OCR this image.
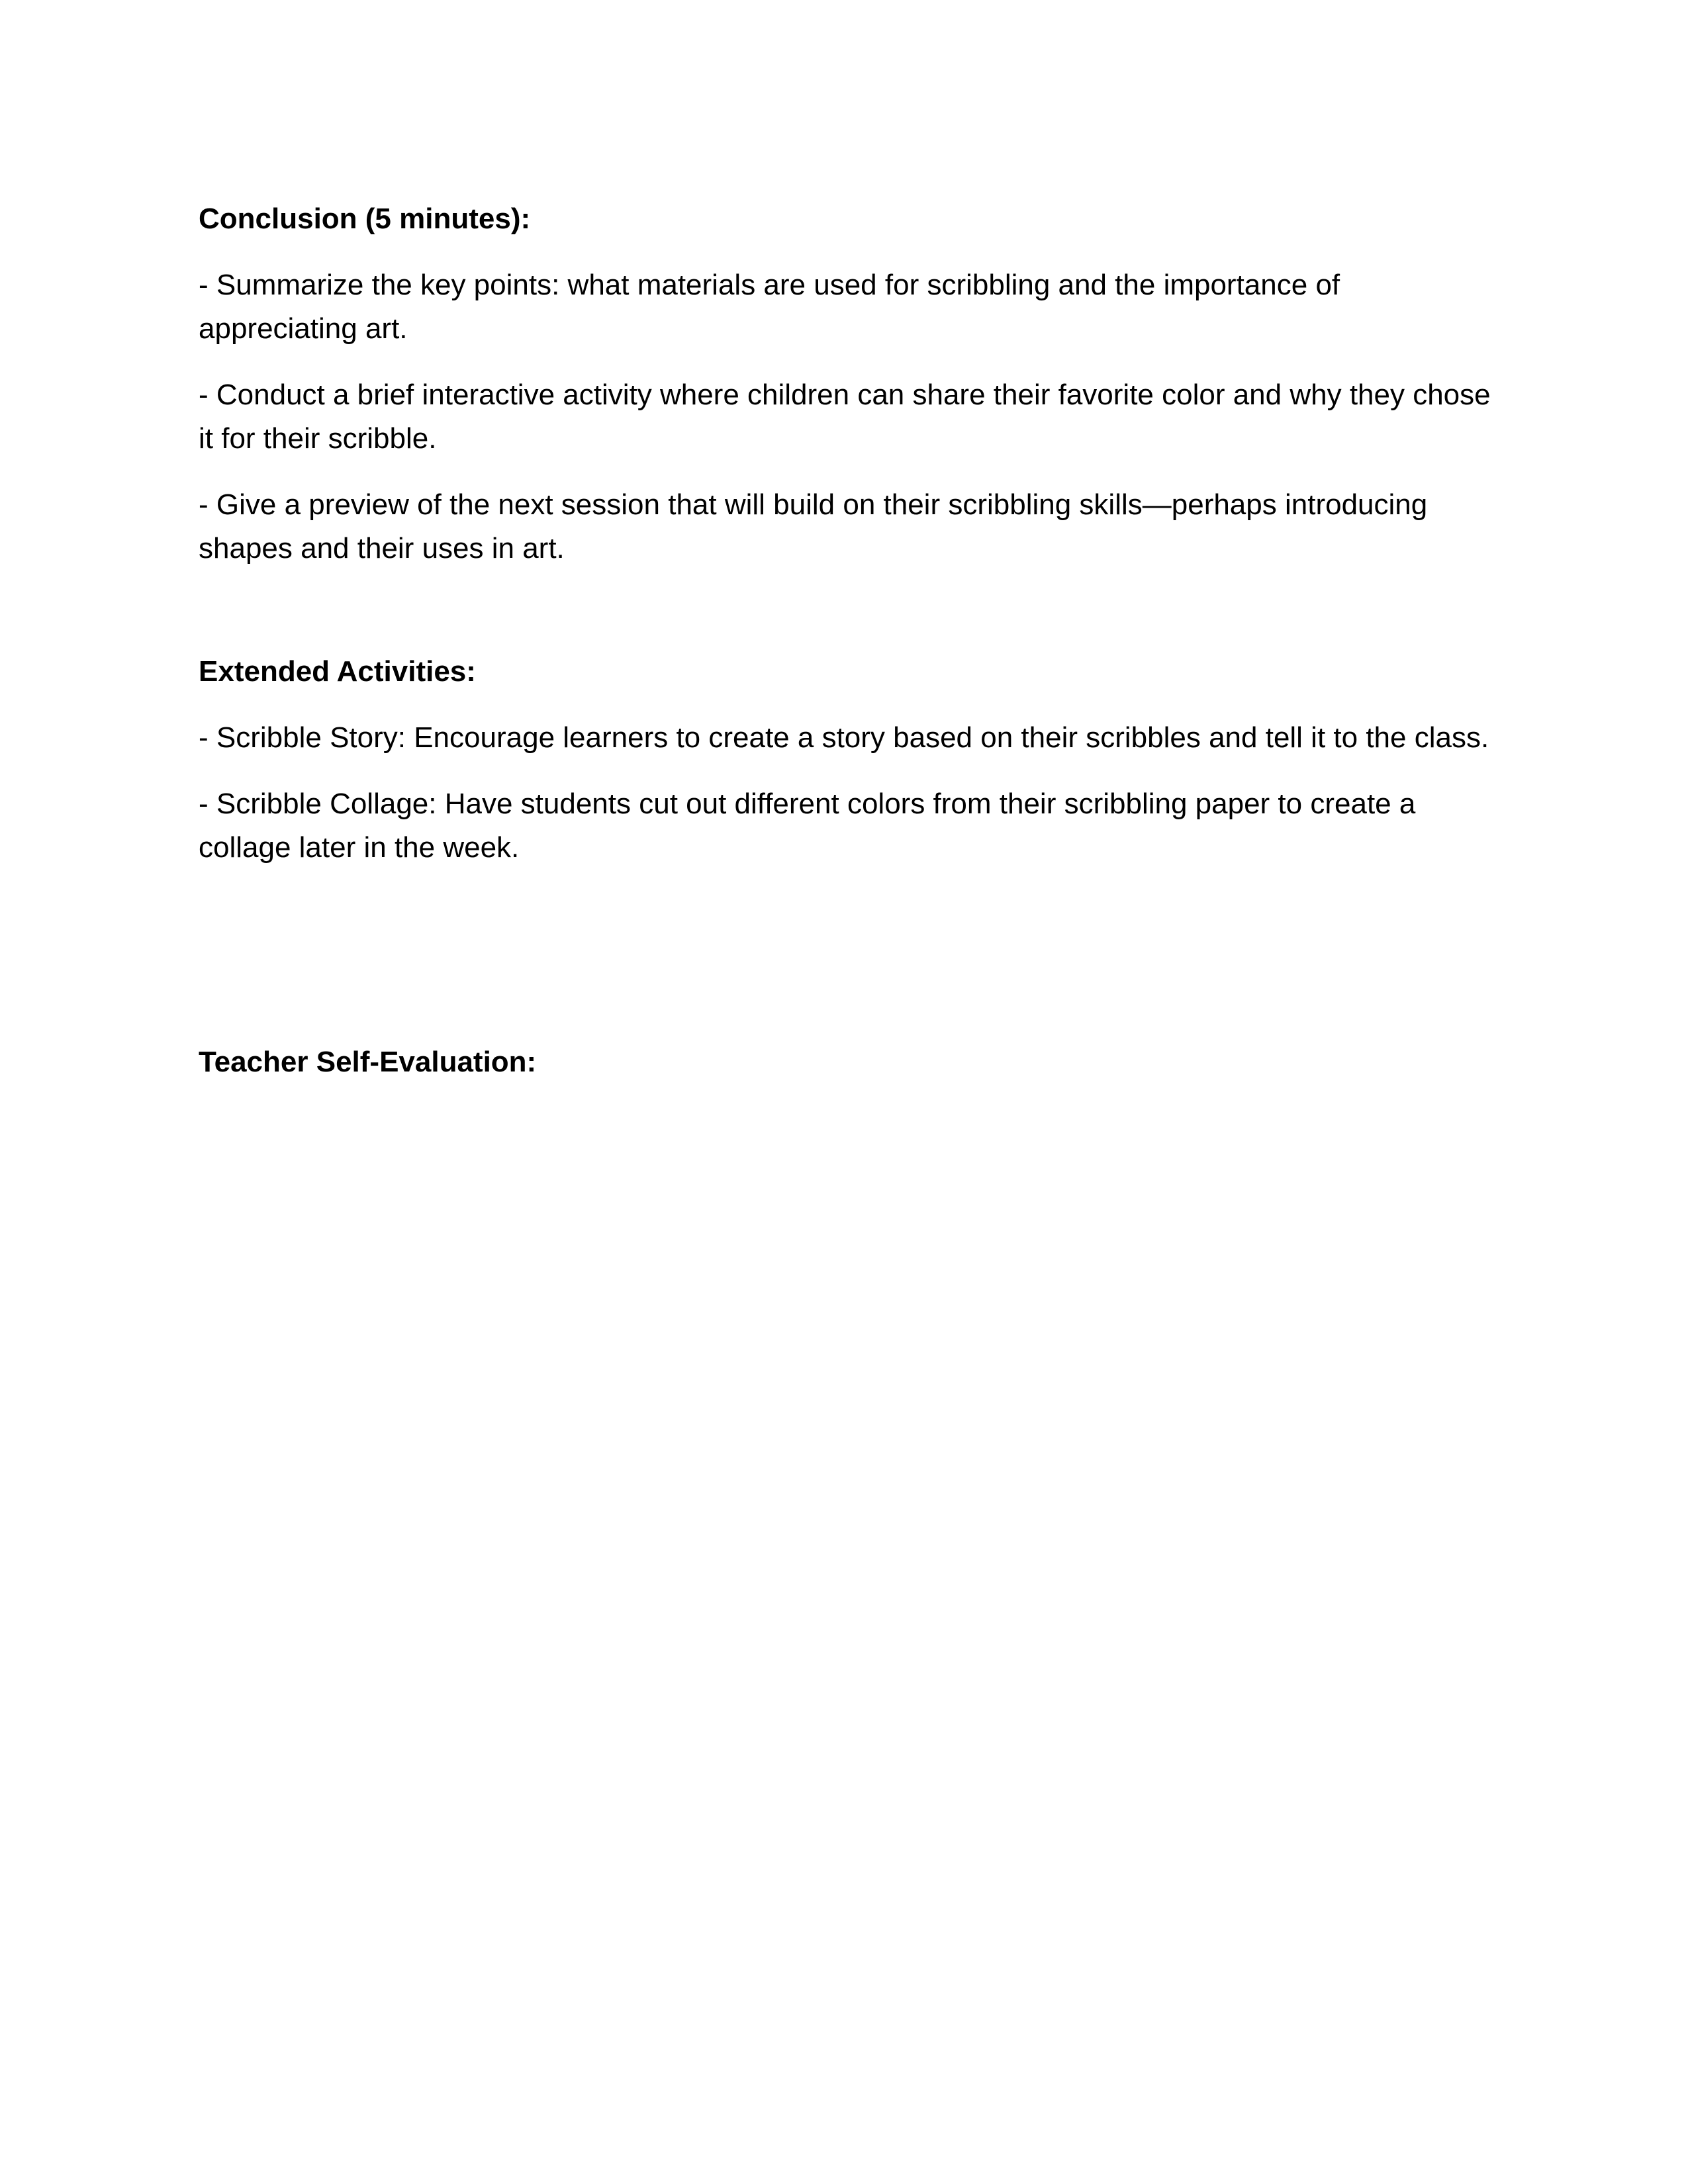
Conclusion (5 minutes):
- Summarize the key points: what materials are used for scribbling and the importance of appreciating art.
- Conduct a brief interactive activity where children can share their favorite color and why they chose it for their scribble.
- Give a preview of the next session that will build on their scribbling skills—perhaps introducing shapes and their uses in art.
Extended Activities:
- Scribble Story: Encourage learners to create a story based on their scribbles and tell it to the class.
- Scribble Collage: Have students cut out different colors from their scribbling paper to create a collage later in the week.
Teacher Self-Evaluation:
